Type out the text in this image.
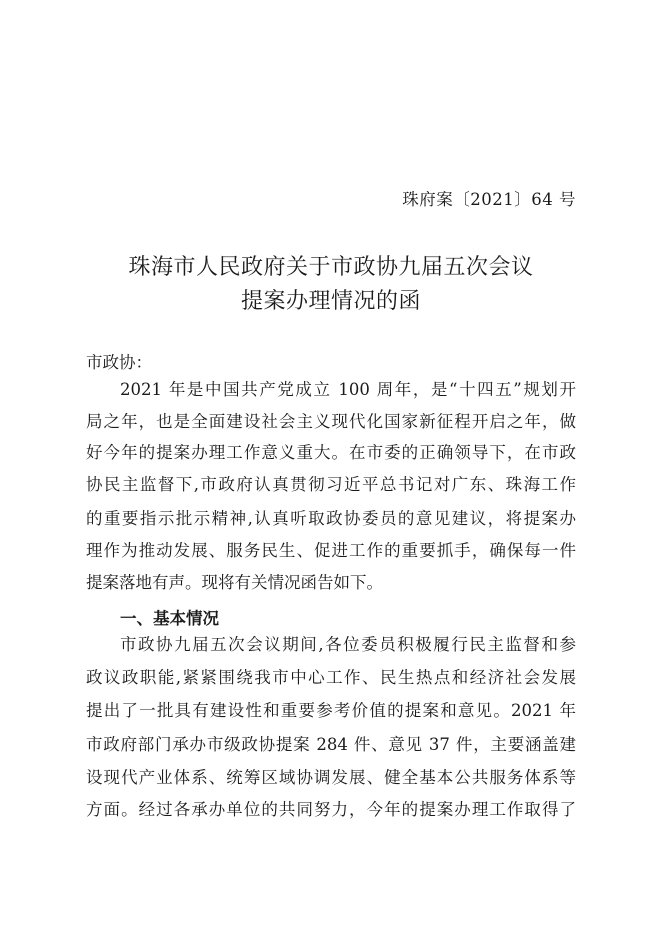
珠府案〔2021〕64 号
珠海市人民政府关于市政协九届五次会议
提案办理情况的函
市政协：
2021 年是中国共产党成立 100 周年，是“十四五”规划开
局之年，也是全面建设社会主义现代化国家新征程开启之年，做
好今年的提案办理工作意义重大。在市委的正确领导下，在市政
协民主监督下,市政府认真贯彻习近平总书记对广东、珠海工作
的重要指示批示精神,认真听取政协委员的意见建议，将提案办
理作为推动发展、服务民生、促进工作的重要抓手，确保每一件
提案落地有声。现将有关情况函告如下。
一、基本情况
市政协九届五次会议期间,各位委员积极履行民主监督和参
政议政职能,紧紧围绕我市中心工作、民生热点和经济社会发展
提出了一批具有建设性和重要参考价值的提案和意见。2021 年
市政府部门承办市级政协提案 284 件、意见 37 件，主要涵盖建
设现代产业体系、统筹区域协调发展、健全基本公共服务体系等
方面。经过各承办单位的共同努力，今年的提案办理工作取得了
